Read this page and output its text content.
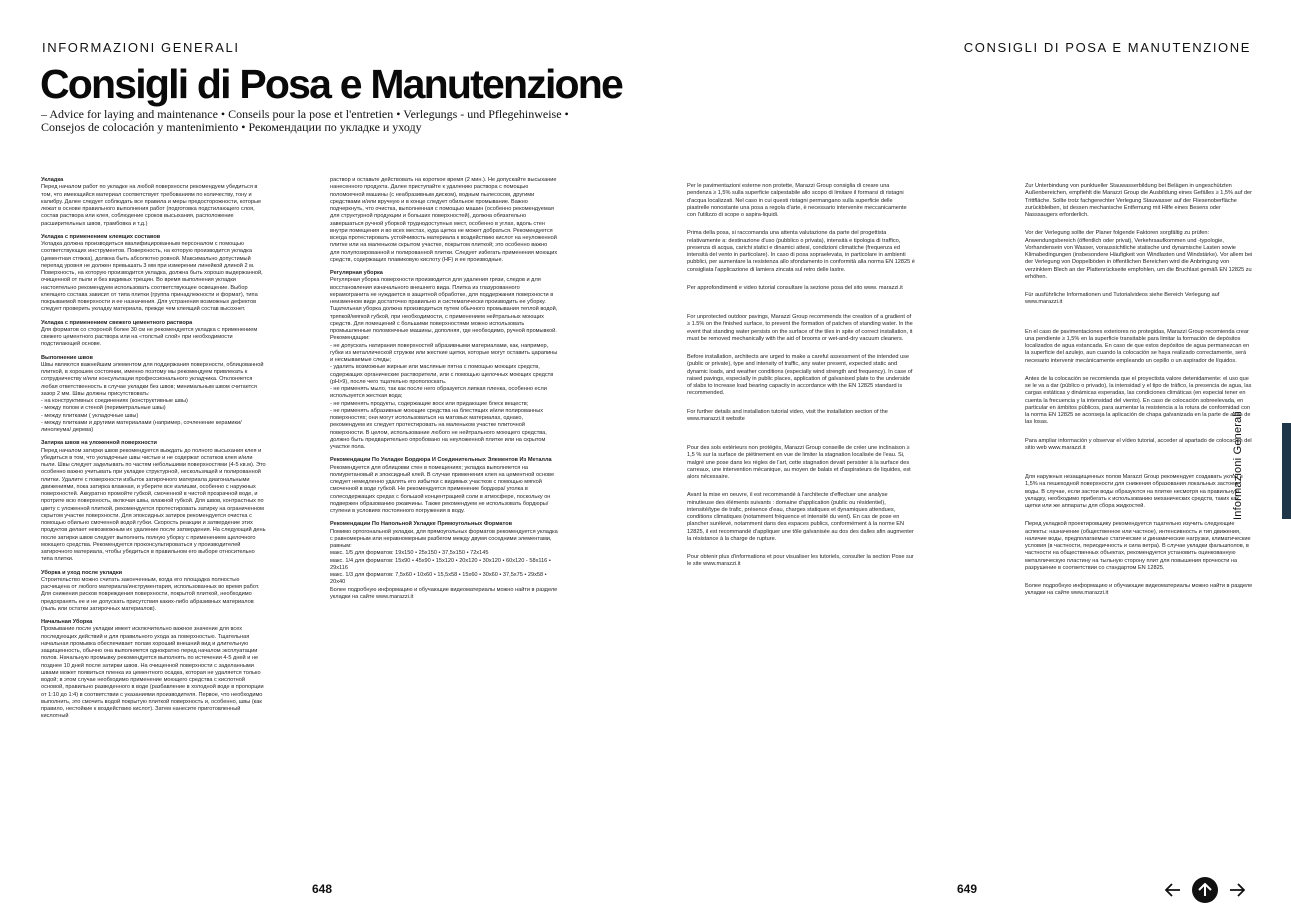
INFORMAZIONI GENERALI	CONSIGLI DI POSA E MANUTENZIONE
Consigli di Posa e Manutenzione
– Advice for laying and maintenance • Conseils pour la pose et l'entretien • Verlegungs - und Pflegehinweise • Consejos de colocación y mantenimiento • Рекомендации по укладке и уходу
Укладка
Перед началом работ по укладке на любой поверхности рекомендуем убедиться в том, что имеющийся материал соответствует требованиям по количеству, тону и калибру. Далее следует соблюдать все правила и меры предосторожности, которые лежат в основе правильного выполнения работ (подготовка подстилающего слоя, состав раствора или клея, соблюдение сроков высыхания, расположение расширительных швов, трамбовка и т.д.)
Укладка с применением клеящих составов
Укладка должна производиться квалифицированным персоналом с помощью соответствующих инструментов. Поверхность, на которую производится укладка (цементная стяжка), должна быть абсолютно ровной. Максимально допустимый перепад уровня не должен превышать 3 мм при измерении линейкой длиной 2 м. Поверхность, на которую производится укладка, должна быть хорошо выдержанной, очищенной от пыли и без видимых трещин. Во время выполнения укладки настоятельно рекомендуем использовать соответствующее освещение. Выбор клеящего состава зависит от типа плитки (группа принадлежности и формат), типа покрываемой поверхности и ее назначения. Для устранения возможных дефектов следует проверить укладку материала, прежде чем клеящий состав высохнет.
Укладка с применением свежего цементного раствора
Для форматов со стороной более 30 см не рекомендуется укладка с применением свежего цементного раствора или на «толстый слой» при необходимости подстилающей основе.
Выполнение швов
Швы являются важнейшим элементом для поддержания поверхности, облицованной плиткой, в хорошем состоянии, именно поэтому мы рекомендуем привлекать к сотрудничеству и/или консультации профессионального укладчика. Отклоняется любая ответственность в случае укладки без швов; минимальным швом считается зазор 2 мм. Швы должны присутствовать:
- на конструктивных соединениях (конструктивные швы)
- между полом и стеной (периметральные швы)
- между плитками ( укладочные швы)
- между плитками и другими материалами (например, сочленение керамики/линолеума/ дерева)
Затирка швов на уложенной поверхности
Перед началом затирки швов рекомендуется выждать до полного высыхания клея и убедиться в том, что укладочные швы чистые и не содержат остатков клея и/или пыли. Швы следует заделывать по частям небольшими поверхностями (4-5 кв.м). Это особенно важно учитывать при укладке структурной, нескользящей и полированной плитки. Удалите с поверхности избыток затирочного материала диагональными движениями, пока затирка влажная, и уберите все излишки, особенно с наружных поверхностей. Аккуратно промойте губкой, смоченной в чистой прозрачной воде, и протрите всю поверхность, включая швы, влажной губкой. Для швов, контрастных по цвету с уложенной плиткой, рекомендуется протестировать затирку на ограниченном скрытом участке поверхности. Для эпоксидных затирок рекомендуется очистка с помощью обильно смоченной водой губки. Скорость реакции и затвердение этих продуктов делает невозможным их удаление после затвердения. На следующий день после затирки швов следует выполнить полную уборку с применением щелочного моющего средства. Рекомендуется проконсультироваться у производителей затирочного материала, чтобы убедиться в правильном его выборе относительно типа плитки.
Уборка и уход после укладки
Строительство можно считать законченным, когда его площадка полностью расчищена от любого материала/инструментария, использованных во время работ. Для снижения рисков повреждения поверхности, покрытой плиткой, необходимо предохранять ее и не допускать присутствия каких-либо абразивных материалов (пыль или остатки затирочных материалов).
Начальная Уборка
Промывание после укладки имеет исключительно важное значение для всех последующих действий и для правильного ухода за поверхностью. Тщательная начальная промывка обеспечивает полам хороший внешний вид и длительную защищенность, обычно она выполняется однократно перед началом эксплуатации полов. Начальную промывку рекомендуется выполнять по истечении 4-5 дней и не позднее 10 дней после затирки швов. На очищенной поверхности с заделанными швами может появиться пленка из цементного осадка, которая не удаляется только водой; в этом случае необходимо применение моющего средства с кислотной основой, правильно разведенного в воде (разбавление в холодной воде в пропорции от 1:10 до 1:4) в соответствии с указаниями производителя. Первое, что необходимо выполнить, это смочить водой покрытую плиткой поверхность и, особенно, швы (как правило, нестойкие к воздействию кислот). Затем нанесите приготовленный кислотный
раствор и оставьте действовать на короткое время (2 мин.). Не допускайте высыхание нанесенного продукта. Далее приступайте к удалению раствора с помощью поломоечной машины (с неабразивным диском), водным пылесосом, другими средствами и/или вручную и в конце следует обильное промывание. Важно подчеркнуть, что очистка, выполненная с помощью машин (особенно рекомендуемая для структурной продукции и больших поверхностей), должна обязательно завершаться ручной уборкой труднодоступных мест, особенно в углах, вдоль стен внутри помещения и во всех местах, куда щетка не может добраться. Рекомендуется всегда протестировать устойчивость материала к воздействию кислот на неуложенной плитке или на маленьком скрытом участке, покрытом плиткой; это особенно важно для полупозированной и полированной плитки. Следует избегать применения моющих средств, содержащих плавиковую кислоту (HF) и ее производные.
Регулярная уборка
Регулярная уборка поверхности производится для удаления грязи, следов и для восстановления изначального внешнего вида. Плитка из глазурованного керамогранита не нуждается в защитной обработке, для поддержания поверхности в неизменном виде достаточно правильно и систематически производить ее уборку. Тщательная уборка должна производиться путем обычного промывания теплой водой, тряпкой/мягкой губкой, при необходимости, с применением нейтральных моющих средств. Для помещений с большими поверхностями можно использовать промышленные поломоечные машины, дополняя, где необходимо, ручной промывкой. Рекомендации:
- не допускать натирания поверхностей абразивными материалами, как, например, губки из металлической стружки или жесткие щетки, которые могут оставить царапины и несмываемые следы;
- удалить возможные жирные или масляные пятна с помощью моющих средств, содержащих органические растворители, или с помощью щелочных моющих средств (pH>9), после чего тщательно прополоскать.
- не применять мыло, так как после него образуется липкая пленка, особенно если используется жесткая вода;
- не применять продукты, содержащие воск или придающие блеск веществ;
- не применять абразивные моющие средства на блестящих и/или полированных поверхностях; они могут использоваться на матовых материалах, однако, рекомендуем их следует протестировать на маленьком участке плиточной поверхности. В целом, использование любого не нейтрального моющего средства, должно быть предварительно опробовано на неуложенной плитке или на скрытом участке пола.
Рекомендации По Укладке Бордюра И Соединительных Элементов Из Металла
Рекомендуется для облицовки стен в помещениях; укладка выполняется на полиуретановый и эпоксидный клей. В случае применения клея на цементной основе следует немедленно удалять его избытки с видимых участков с помощью мягкой смоченной в воде губкой. Не рекомендуется применение бордюра/ уголка в солесодержащих средах с большой концентрацией соли в атмосфере, поскольку он подвержен образованию ржавчины. Также рекомендуем не использовать бордюры/ступени в условиях постоянного погружения в воду.
Рекомендации По Напольной Укладке Прямоугольных Форматов
Помимо ортогональной укладки, для прямоугольных форматов рекомендуется укладка с равномерным или неравномерным разбегом между двумя соседними элементами, равным:
макс. 1/5 для форматов: 19x150 • 25x150 • 37,5x150 • 72x145
макс. 1/4 для форматов: 15x90 • 45x90 • 15x120 • 20x120 • 30x120 • 60x120 - 58x116 • 29x116
макс. 1/3 для форматов: 7,5x60 • 10x60 • 15,5x58 • 15x60 • 30x60 • 37,5x75 • 29x58 • 20x40
Более подробную информацию и обучающие видеоматериалы можно найти в разделе укладки на сайте www.marazzi.it

Per le pavimentazioni esterne non protette, Marazzi Group consiglia di creare una pendenza ≥ 1,5% sulla superficie calpestabile allo scopo di limitare il formarsi di ristagni d'acqua localizzati. Nel caso in cui questi ristagni permangano sulla superficie delle piastrelle nonostante una posa a regola d'arte, è necessario intervenire meccanicamente con l'utilizzo di scope o aspira-liquidi.

Prima della posa, si raccomanda una attenta valutazione da parte del progettista relativamente a: destinazione d'uso (pubblico o privata), intensità e tipologia di traffico, presenza di acqua, carichi statici e dinamici attesi, condizioni climatiche (frequenza ed intensità del vento in particolare). In caso di posa sopraelevata, in particolare in ambienti pubblici, per aumentare la resistenza allo sfondamento in conformità alla norma EN 12825 è consigliata l'applicazione di lamiera zincata sul retro delle lastre.

Per approfondimenti e video tutorial consultare la sezione posa del sito www. marazzi.it

For unprotected outdoor pavings, Marazzi Group recommends the creation of a gradient of ≥ 1.5% on the finished surface, to prevent the formation of patches of standing water. In the event that standing water persists on the surface of the tiles in spite of correct installation, it must be removed mechanically with the aid of brooms or wet-and-dry vacuum cleaners.

Before installation, architects are urged to make a careful assessment of the intended use (public or private), type and intensity of traffic, any water present, expected static and dynamic loads, and weather conditions (especially wind strength and frequency). In case of raised pavings, especially in public places, application of galvanised plate to the underside of slabs to increase load bearing capacity in accordance with the EN 12825 standard is recommended.

For further details and installation tutorial video, visit the installation section of the www.marazzi.it website

Pour des sols extérieurs non protégés, Marazzi Group conseille de créer une inclinaison ≥ 1,5 % sur la surface de piétinement en vue de limiter la stagnation localisée de l'eau. Si, malgré une pose dans les règles de l'art, cette stagnation devait persister à la surface des carreaux, une intervention mécanique, au moyen de balais et d'aspirateurs de liquides, est alors nécessaire.

Avant la mise en oeuvre, il est recommandé à l'architecte d'effectuer une analyse minutieuse des éléments suivants : domaine d'application (public ou résidentiel), intensité/type de trafic, présence d'eau, charges statiques et dynamiques attendues, conditions climatiques (notamment fréquence et intensité du vent). En cas de pose en plancher surélevé, notamment dans des espaces publics, conformément à la norme EN 12825, il est recommandé d'appliquer une tôle galvanisée au dos des dalles afin augmenter la résistance à la charge de rupture.

Pour obtenir plus d'informations et pour visualiser les tutoriels, consulter la section Pose sur le site www.marazzi.it

Zur Unterbindung von punktueller Stauwasserbildung bei Belägen in ungeschützten Außenbereichen, empfiehlt die Marazzi Group die Ausbildung eines Gefälles ≥ 1,5% auf der Trittfläche. Sollte trotz fachgerechter Verlegung Stauwasser auf der Fliesenoberfläche zurückbleiben, ist dessen mechanische Entfernung mit Hilfe eines Besens oder Nasssaugers erforderlich.

Vor der Verlegung sollte der Planer folgende Faktoren sorgfältig zu prüfen: Anwendungsbereich (öffentlich oder privat), Verkehrsaufkommen und -typologie, Vorhandensein von Wasser, voraussichtliche statische und dynamische Lasten sowie Klimabedingungen (insbesondere Häufigkeit von Windlasten und Windstärke). Vor allem bei der Verlegung von Doppelböden in öffentlichen Bereichen wird die Anbringung von verzinktem Blech an der Plattenrückseite empfohlen, um die Bruchlast gemäß EN 12825 zu erhöhen.

Für ausführliche Informationen und Tutorialvideos siehe Bereich Verlegung auf www.marazzi.it

En el caso de pavimentaciones exteriores no protegidas, Marazzi Group recomienda crear una pendiente ≥ 1,5% en la superficie transitable para limitar la formación de depósitos localizados de agua estancada. En caso de que estos depósitos de agua permanezcan en la superficie del azulejo, aun cuando la colocación se haya realizado correctamente, será necesario intervenir mecánicamente empleando un cepillo o un aspirador de líquidos.

Antes de la colocación se recomienda que el proyectista valore detenidamente: el uso que se le va a dar (público o privado), la intensidad y el tipo de tráfico, la presencia de agua, las cargas estáticas y dinámicas esperadas, las condiciones climáticas (en especial tener en cuenta la frecuencia y la intensidad del viento). En caso de colocación sobreelevada, en particular en ámbitos públicos, para aumentar la resistencia a la rotura de conformidad con la norma EN 12825 se aconseja la aplicación de chapa galvanizada en la parte de atrás de las losas.

Para ampliar información y observar el vídeo tutorial, acceder al apartado de colocación del sitio web www.marazzi.it

Для наружных незащищенных полов Marazzi Group рекомендует создавать уклон ≥ 1,5% на пешеходной поверхности для снижения образования локальных застоев воды. В случае, если застои воды образуются на плитке несмотря на правильную укладку, необходимо прибегать к использованию механических средств, таких как щетки или же аппараты для сбора жидкостей.

Перед укладкой проектировщику рекомендуется тщательно изучить следующие аспекты: назначение (общественное или частное), интенсивность и тип движения, наличие воды, предполагаемые статические и динамические нагрузки, климатические условия (в частности, периодичность и сила ветра). В случае укладки фальшполов, в частности на общественных объектах, рекомендуется установить оцинкованную металлическую пластину на тыльную сторону плит для повышения прочности на разрушение в соответствии со стандартом EN 12825.

Более подробную информацию и обучающие видеоматериалы можно найти в разделе укладки на сайте www.marazzi.it

Informazioni Generali
648	649
